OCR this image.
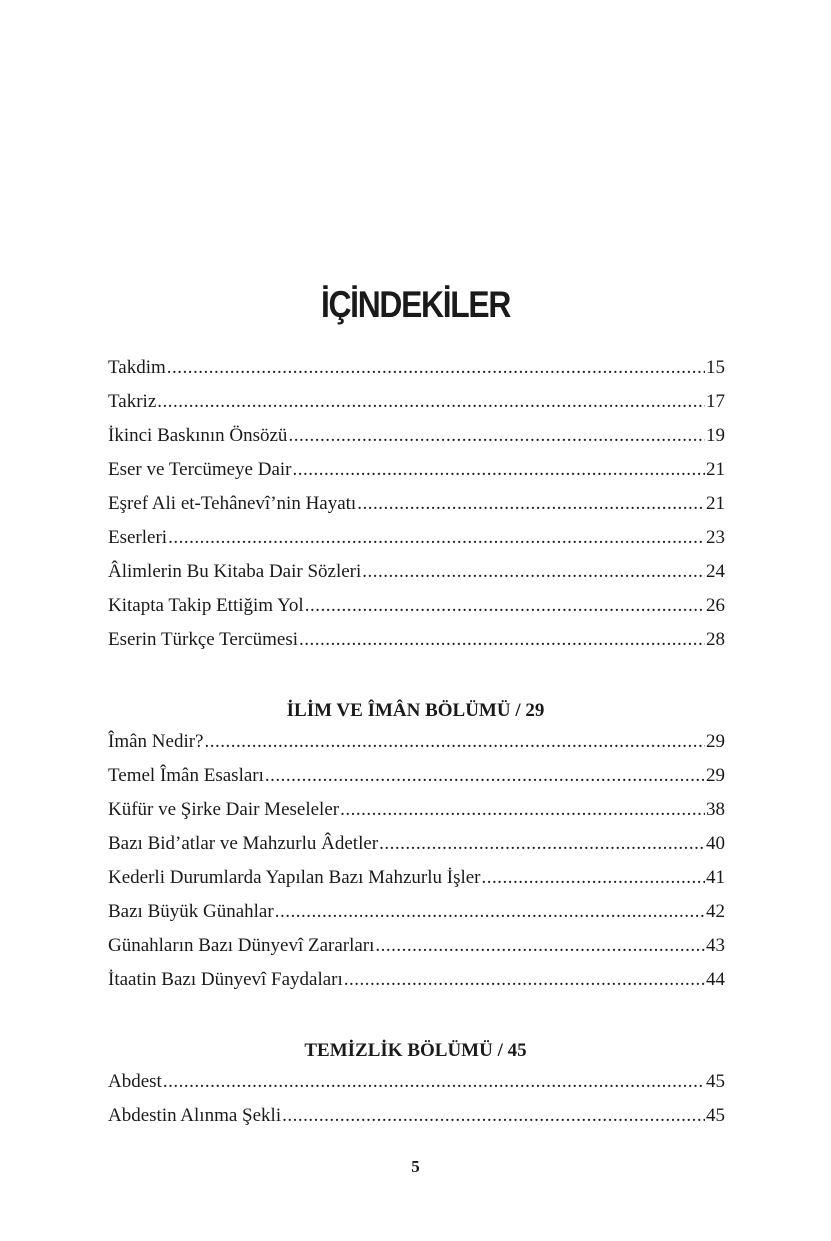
İÇİNDEKİLER
Takdim .....	15
Takriz .....	17
İkinci Baskının Önsözü .....	19
Eser ve Tercümeye Dair .....	21
Eşref Ali et-Tehânevî’nin Hayatı .....	21
Eserleri .....	23
Âlimlerin Bu Kitaba Dair Sözleri .....	24
Kitapta Takip Ettiğim Yol .....	26
Eserin Türkçe Tercümesi .....	28
İLİM VE ÎMÂN BÖLÜMÜ / 29
Îmân Nedir? .....	29
Temel Îmân Esasları .....	29
Küfür ve Şirke Dair Meseleler .....	38
Bazı Bid’atlar ve Mahzurlu Âdetler .....	40
Kederli Durumlarda Yapılan Bazı Mahzurlu İşler .....	41
Bazı Büyük Günahlar .....	42
Günahların Bazı Dünyevî Zararları .....	43
İtaatin Bazı Dünyevî Faydaları .....	44
TEMİZLİK BÖLÜMÜ / 45
Abdest .....	45
Abdestin Alınma Şekli .....	45
5
